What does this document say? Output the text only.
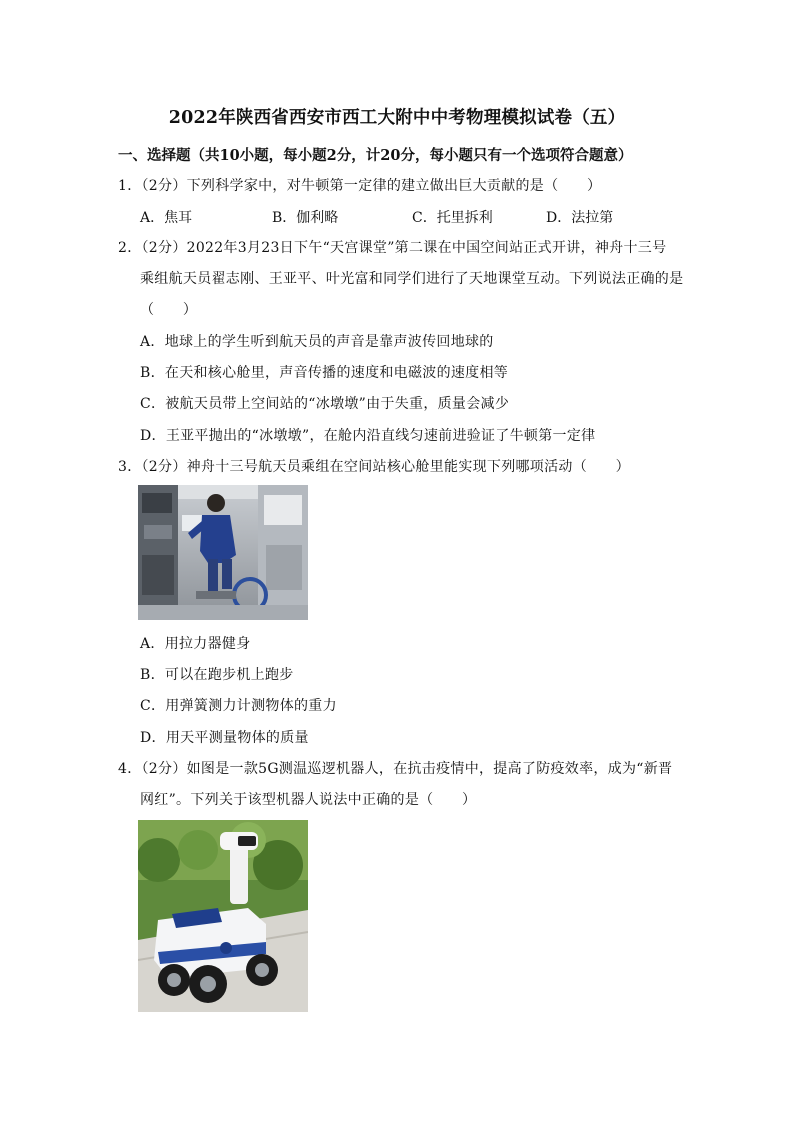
2022年陕西省西安市西工大附中中考物理模拟试卷（五）
一、选择题（共10小题，每小题2分，计20分，每小题只有一个选项符合题意）
1．（2分）下列科学家中，对牛顿第一定律的建立做出巨大贡献的是（　　）
A．焦耳	B．伽利略	C．托里拆利	D．法拉第
2．（2分）2022年3月23日下午“天宫课堂”第二课在中国空间站正式开讲，神舟十三号
乘组航天员翟志刚、王亚平、叶光富和同学们进行了天地课堂互动。下列说法正确的是
（　　）
A．地球上的学生听到航天员的声音是靠声波传回地球的
B．在天和核心舱里，声音传播的速度和电磁波的速度相等
C．被航天员带上空间站的“冰墩墩”由于失重，质量会减少
D．王亚平抛出的“冰墩墩”，在舱内沿直线匀速前进验证了牛顿第一定律
3．（2分）神舟十三号航天员乘组在空间站核心舱里能实现下列哪项活动（　　）
A．用拉力器健身
B．可以在跑步机上跑步
C．用弹簧测力计测物体的重力
D．用天平测量物体的质量
4．（2分）如图是一款5G测温巡逻机器人，在抗击疫情中，提高了防疫效率，成为“新晋
网红”。下列关于该型机器人说法中正确的是（　　）
